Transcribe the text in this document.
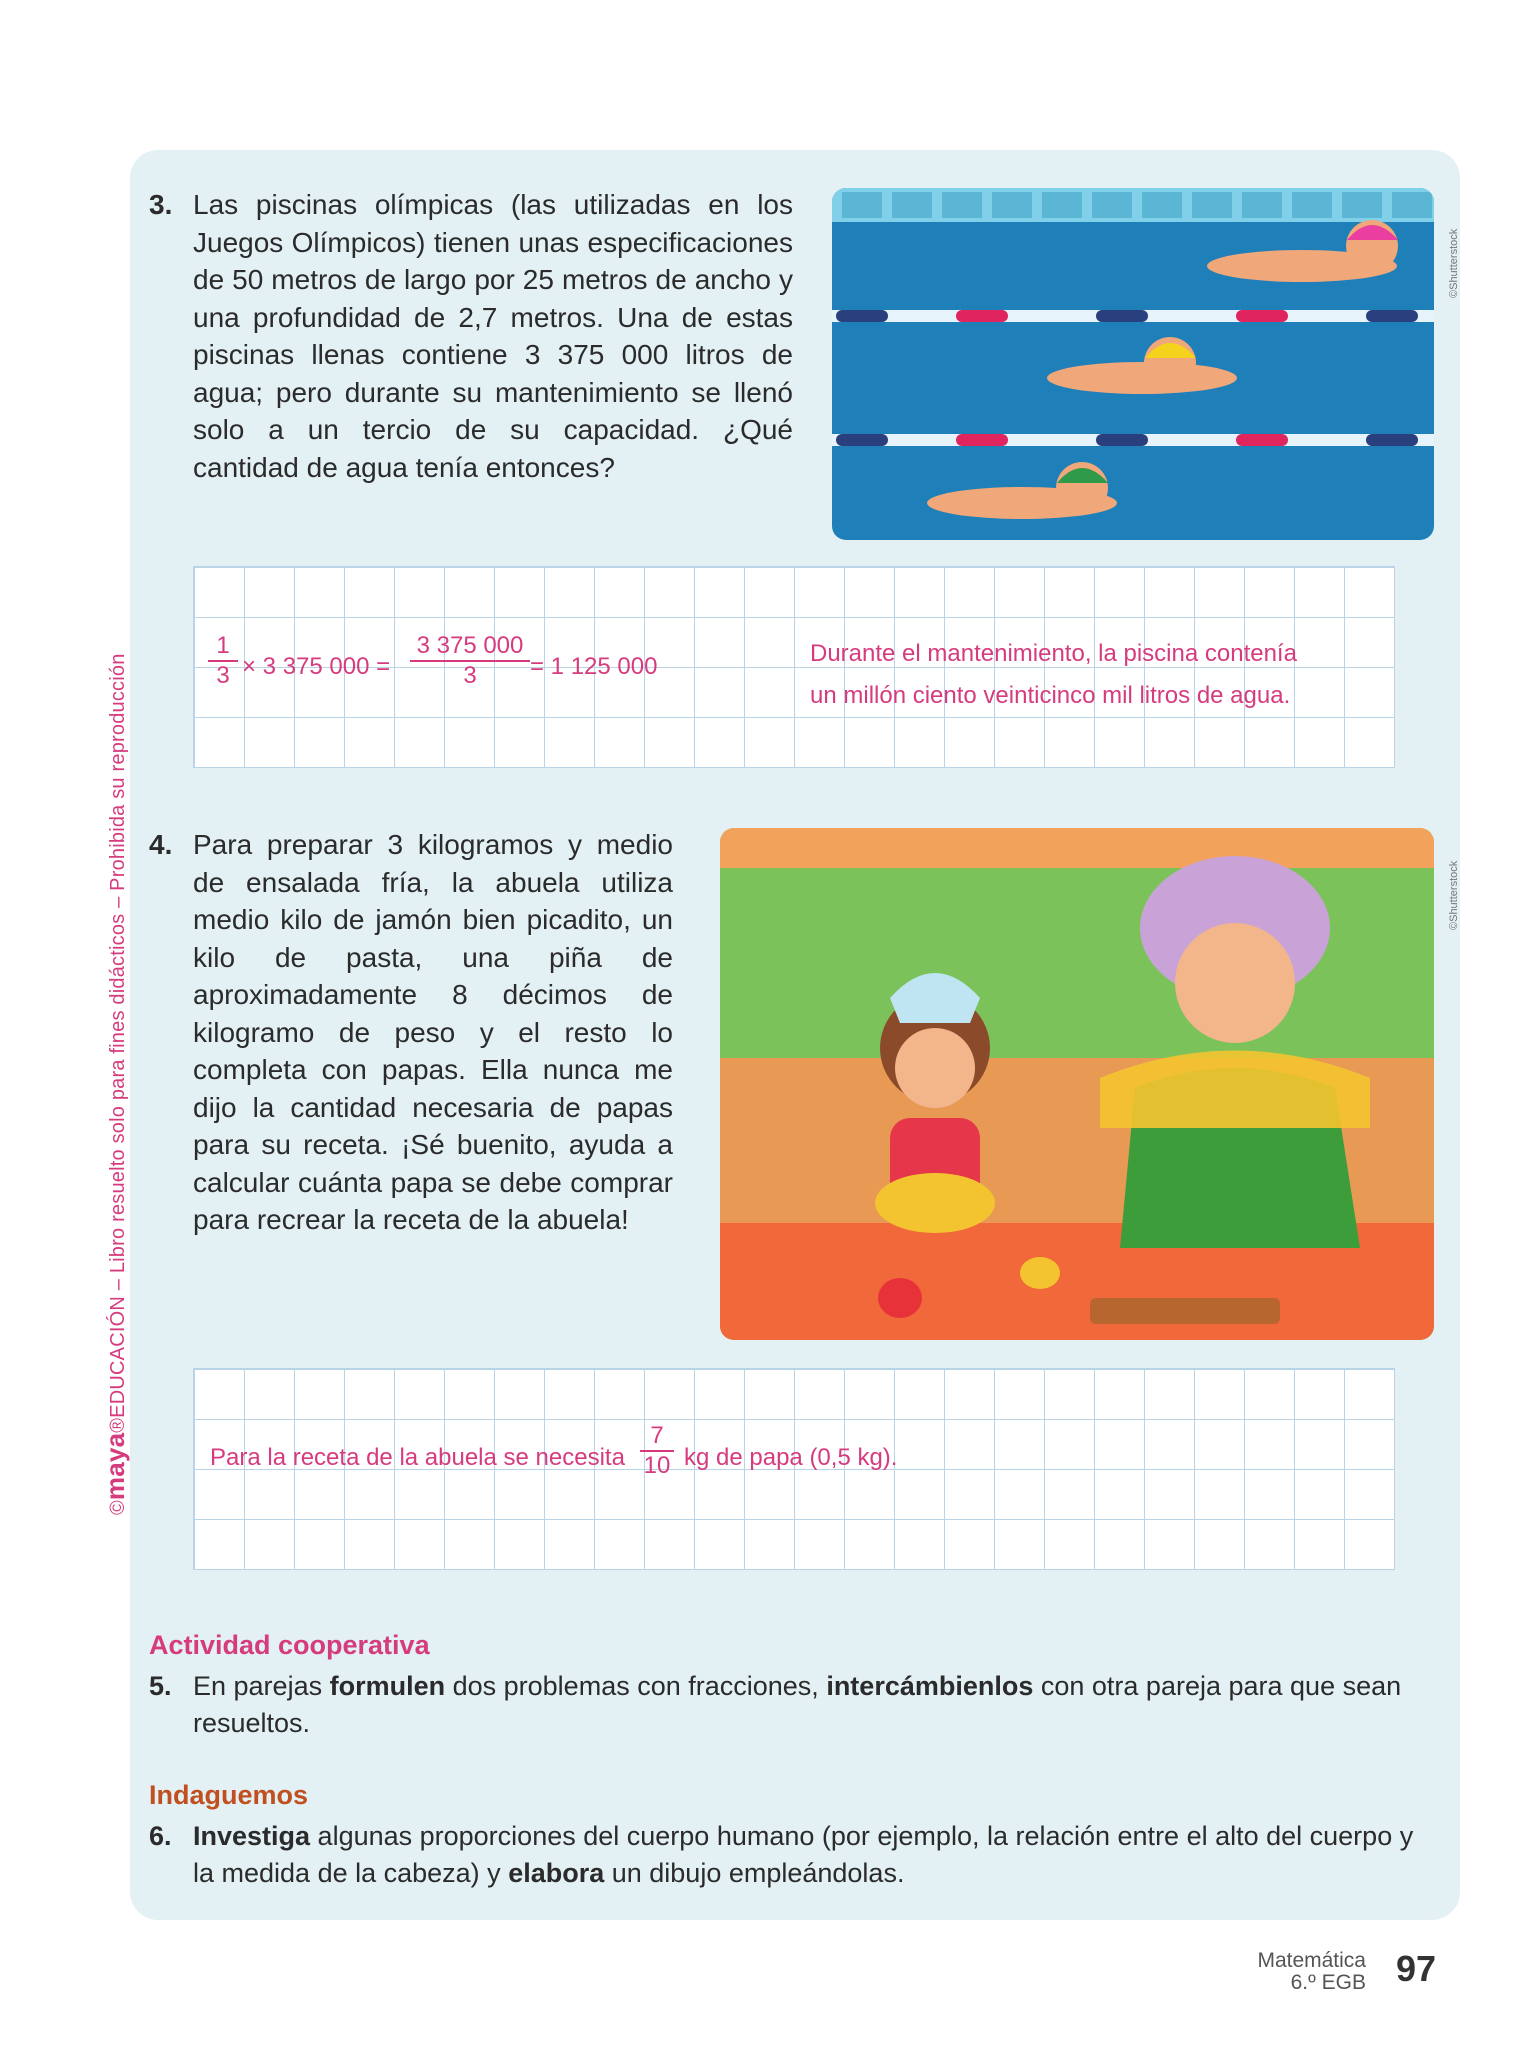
©maya®EDUCACIÓN – Libro resuelto solo para fines didácticos – Prohibida su reproducción
3. Las piscinas olímpicas (las utilizadas en los Juegos Olímpicos) tienen unas especificaciones de 50 metros de largo por 25 metros de ancho y una profundidad de 2,7 metros. Una de estas piscinas llenas contiene 3 375 000 litros de agua; pero durante su mantenimiento se llenó solo a un tercio de su capacidad. ¿Qué cantidad de agua tenía entonces?

©Shutterstock
$\frac{1}{3} \times 3$ 375 $000 = \frac{3 375 000}{3} = 1$ 125 000	Durante el mantenimiento, la piscina contenía
un millón ciento veinticinco mil litros de agua.
4. Para preparar 3 kilogramos y medio de ensalada fría, la abuela utiliza medio kilo de jamón bien picadito, un kilo de pasta, una piña de aproximadamente 8 décimos de kilogramo de peso y el resto lo completa con papas. Ella nunca me dijo la cantidad necesaria de papas para su receta. ¡Sé buenito, ayuda a calcular cuánta papa se debe comprar para recrear la receta de la abuela!

©Shutterstock
Para la receta de la abuela se necesita $\frac{7}{10}$ kg de papa (0,5 kg).
Actividad cooperativa
5. En parejas formulen dos problemas con fracciones, intercámbienlos con otra pareja para que sean resueltos.
Indaguemos
6. Investiga algunas proporciones del cuerpo humano (por ejemplo, la relación entre el alto del cuerpo y la medida de la cabeza) y elabora un dibujo empleándolas.
Matemática
6.º EGB 97
